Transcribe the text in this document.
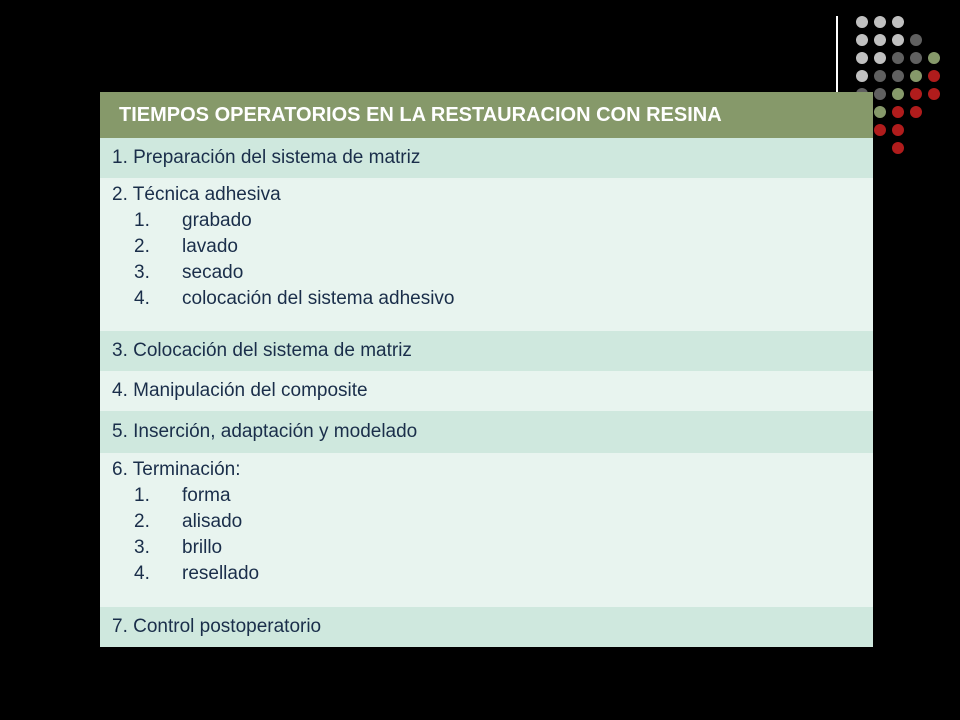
TIEMPOS OPERATORIOS EN LA RESTAURACION CON RESINA
1. Preparación del sistema de matriz
2. Técnica adhesiva
1.	grabado
2.	lavado
3.	secado
4.	colocación del sistema adhesivo
3. Colocación del sistema de matriz
4. Manipulación del composite
5. Inserción, adaptación y modelado
6. Terminación:
1.	forma
2.	alisado
3.	brillo
4.	resellado
7. Control postoperatorio
